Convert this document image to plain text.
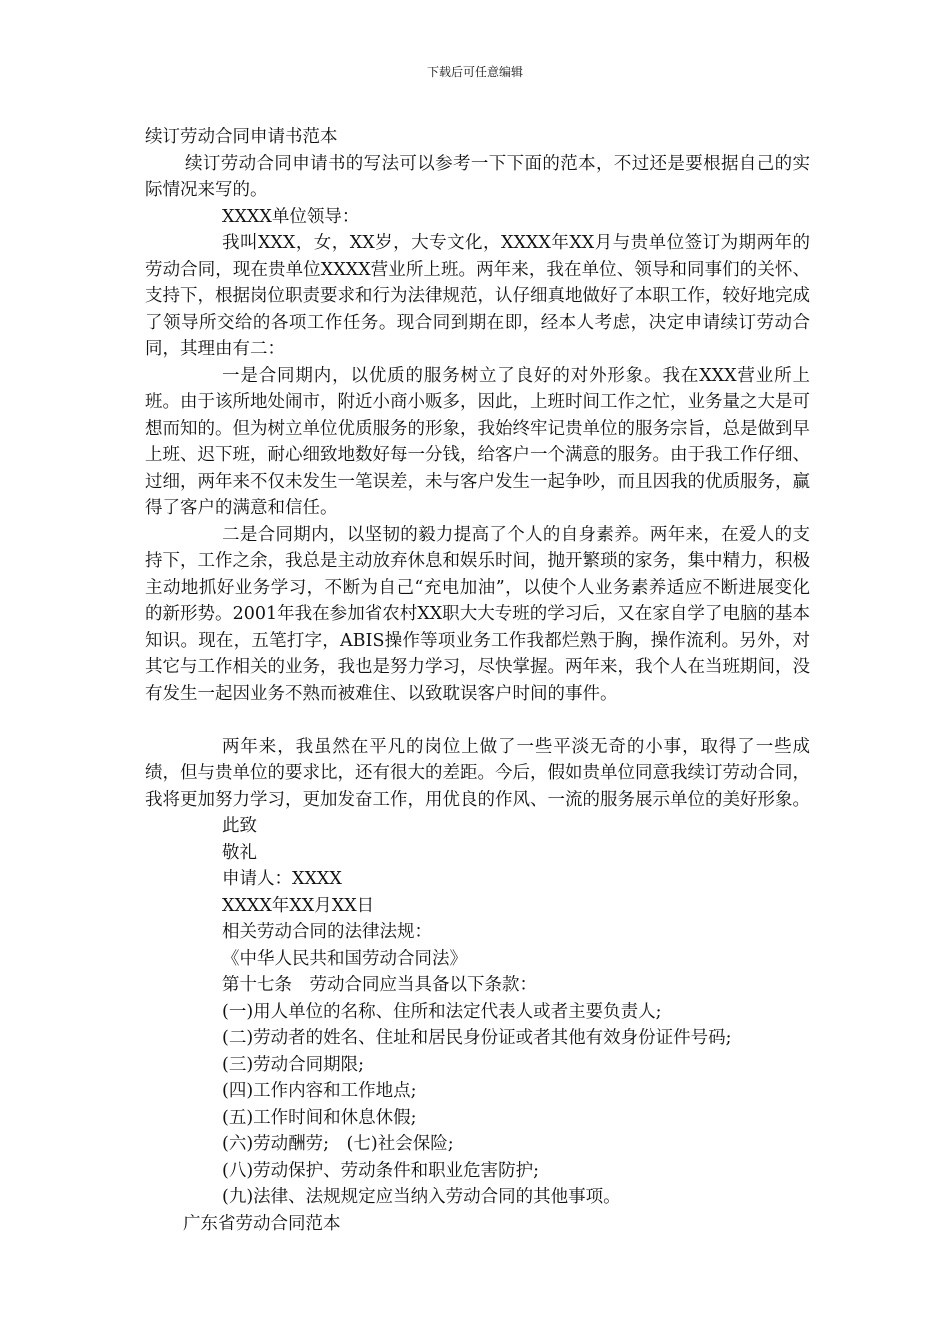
下载后可任意编辑

续订劳动合同申请书范本

续订劳动合同申请书的写法可以参考一下下面的范本，不过还是要根据自己的实际情况来写的。

XXXX单位领导：

我叫XXX，女，XX岁，大专文化，XXXX年XX月与贵单位签订为期两年的劳动合同，现在贵单位XXXX营业所上班。两年来，我在单位、领导和同事们的关怀、支持下，根据岗位职责要求和行为法律规范，认仔细真地做好了本职工作，较好地完成了领导所交给的各项工作任务。现合同到期在即，经本人考虑，决定申请续订劳动合同，其理由有二：

一是合同期内，以优质的服务树立了良好的对外形象。我在XXX营业所上班。由于该所地处闹市，附近小商小贩多，因此，上班时间工作之忙，业务量之大是可想而知的。但为树立单位优质服务的形象，我始终牢记贵单位的服务宗旨，总是做到早上班、迟下班，耐心细致地数好每一分钱，给客户一个满意的服务。由于我工作仔细、过细，两年来不仅未发生一笔误差，未与客户发生一起争吵，而且因我的优质服务，赢得了客户的满意和信任。

二是合同期内，以坚韧的毅力提高了个人的自身素养。两年来，在爱人的支持下，工作之余，我总是主动放弃休息和娱乐时间，抛开繁琐的家务，集中精力，积极主动地抓好业务学习，不断为自己“充电加油”，以使个人业务素养适应不断进展变化的新形势。2001年我在参加省农村XX职大大专班的学习后，又在家自学了电脑的基本知识。现在，五笔打字，ABIS操作等项业务工作我都烂熟于胸，操作流利。另外，对其它与工作相关的业务，我也是努力学习，尽快掌握。两年来，我个人在当班期间，没有发生一起因业务不熟而被难住、以致耽误客户时间的事件。

两年来，我虽然在平凡的岗位上做了一些平淡无奇的小事，取得了一些成绩，但与贵单位的要求比，还有很大的差距。今后，假如贵单位同意我续订劳动合同，我将更加努力学习，更加发奋工作，用优良的作风、一流的服务展示单位的美好形象。

此致

敬礼

申请人：XXXX

XXXX年XX月XX日

相关劳动合同的法律法规：

《中华人民共和国劳动合同法》

第十七条　劳动合同应当具备以下条款：

(一)用人单位的名称、住所和法定代表人或者主要负责人;

(二)劳动者的姓名、住址和居民身份证或者其他有效身份证件号码;

(三)劳动合同期限;

(四)工作内容和工作地点;

(五)工作时间和休息休假;

(六)劳动酬劳;　(七)社会保险;

(八)劳动保护、劳动条件和职业危害防护;

(九)法律、法规规定应当纳入劳动合同的其他事项。

广东省劳动合同范本
